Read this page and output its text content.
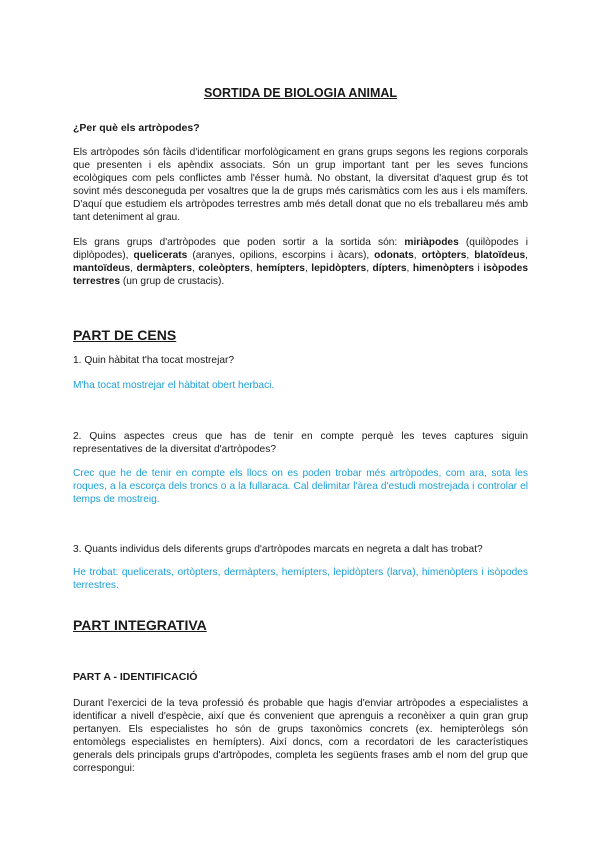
SORTIDA DE BIOLOGIA ANIMAL

¿Per què els artròpodes?

Els artròpodes són fàcils d'identificar morfològicament en grans grups segons les regions corporals que presenten i els apèndix associats. Són un grup important tant per les seves funcions ecològiques com pels conflictes amb l'ésser humà. No obstant, la diversitat d'aquest grup és tot sovint més desconeguda per vosaltres que la de grups més carismàtics com les aus i els mamífers. D'aquí que estudiem els artròpodes terrestres amb més detall donat que no els treballareu més amb tant deteniment al grau.

Els grans grups d'artròpodes que poden sortir a la sortida són: miriàpodes (quilòpodes i diplòpodes), quelicerats (aranyes, opilions, escorpins i àcars), odonats, ortòpters, blatoïdeus, mantoïdeus, dermàpters, coleòpters, hemípters, lepidòpters, dípters, himenòpters i isòpodes terrestres (un grup de crustacis).

PART DE CENS

1. Quin hàbitat t'ha tocat mostrejar?

M'ha tocat mostrejar el hàbitat obert herbaci.

2. Quins aspectes creus que has de tenir en compte perquè les teves captures siguin representatives de la diversitat d'artròpodes?

Crec que he de tenir en compte els llocs on es poden trobar més artròpodes, com ara, sota les roques, a la escorça dels troncs o a la fullaraca. Cal delimitar l'àrea d'estudi mostrejada i controlar el temps de mostreig.

3. Quants individus dels diferents grups d'artròpodes marcats en negreta a dalt has trobat?

He trobat: quelicerats, ortòpters, dermàpters, hemípters, lepidòpters (larva), himenòpters i isòpodes terrestres.

PART INTEGRATIVA

PART A - IDENTIFICACIÓ

Durant l'exercici de la teva professió és probable que hagis d'enviar artròpodes a especialistes a identificar a nivell d'espècie, així que és convenient que aprenguis a reconèixer a quin gran grup pertanyen. Els especialistes ho són de grups taxonòmics concrets (ex. hemipteròlegs són entomòlegs especialistes en hemípters). Així doncs, com a recordatori de les característiques generals dels principals grups d'artròpodes, completa les següents frases amb el nom del grup que correspongui:
